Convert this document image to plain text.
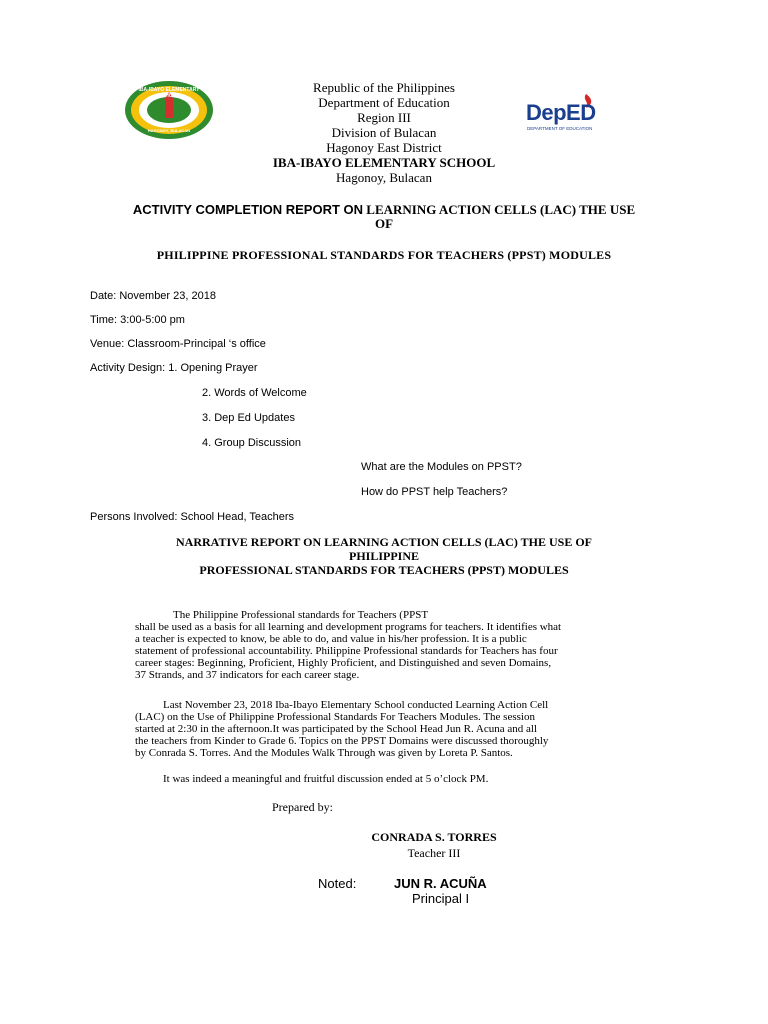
IBA-IBAYO ELEMENTARY SCHOOL
HAGONOY, BULACAN
DepED
DEPARTMENT OF EDUCATION
Republic of the Philippines
Department of Education
Region III
Division of Bulacan
Hagonoy East District
IBA-IBAYO ELEMENTARY SCHOOL
Hagonoy, Bulacan
ACTIVITY COMPLETION REPORT ON LEARNING ACTION CELLS (LAC) THE USE
OF
PHILIPPINE PROFESSIONAL STANDARDS FOR TEACHERS (PPST) MODULES
Date: November 23, 2018
Time: 3:00-5:00 pm
Venue: Classroom-Principal ‘s office
Activity Design: 1. Opening Prayer
2. Words of Welcome
3. Dep Ed Updates
4. Group Discussion
What are the Modules on PPST?
How do PPST help Teachers?
Persons Involved: School Head, Teachers
NARRATIVE REPORT ON LEARNING ACTION CELLS (LAC) THE USE OF
PHILIPPINE
PROFESSIONAL STANDARDS FOR TEACHERS (PPST) MODULES
The Philippine Professional standards for Teachers (PPST
shall be used as a basis for all learning and development programs for teachers. It identifies what
a teacher is expected to know, be able to do, and value in his/her profession. It is a public
statement of professional accountability. Philippine Professional standards for Teachers has four
career stages: Beginning, Proficient, Highly Proficient, and Distinguished and seven Domains,
37 Strands, and 37 indicators for each career stage.
Last November 23, 2018 Iba-Ibayo Elementary School conducted Learning Action Cell
(LAC) on the Use of Philippine Professional Standards For Teachers Modules. The session
started at 2:30 in the afternoon.It was participated by the School Head Jun R. Acuna and all
the teachers from Kinder to Grade 6. Topics on the PPST Domains were discussed thoroughly
by Conrada S. Torres. And the Modules Walk Through was given by Loreta P. Santos.
It was indeed a meaningful and fruitful discussion ended at 5 o’clock PM.
Prepared by:
CONRADA S. TORRES
Teacher III
Noted:	JUN R. ACUÑA
Principal I
